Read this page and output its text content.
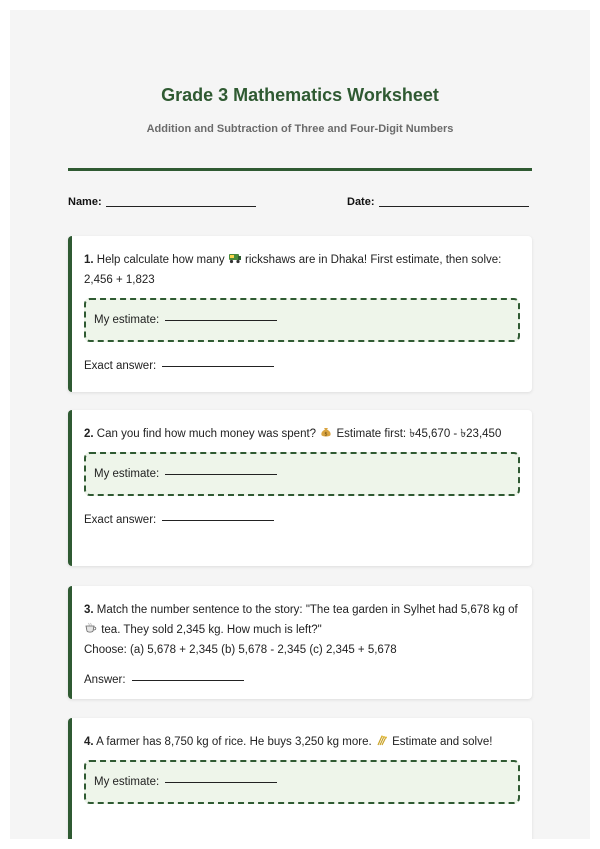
Grade 3 Mathematics Worksheet
Addition and Subtraction of Three and Four-Digit Numbers
Name:	Date:
1. Help calculate how many rickshaws are in Dhaka! First estimate, then solve: 2,456 + 1,823
My estimate:
Exact answer:
2. Can you find how much money was spent? $ Estimate first: ৳45,670 - ৳23,450
My estimate:
Exact answer:
3. Match the number sentence to the story: "The tea garden in Sylhet had 5,678 kg of  tea. They sold 2,345 kg. How much is left?"
Choose: (a) 5,678 + 2,345 (b) 5,678 - 2,345 (c) 2,345 + 5,678
Answer:
4. A farmer has 8,750 kg of rice. He buys 3,250 kg more. Estimate and solve!
My estimate:
